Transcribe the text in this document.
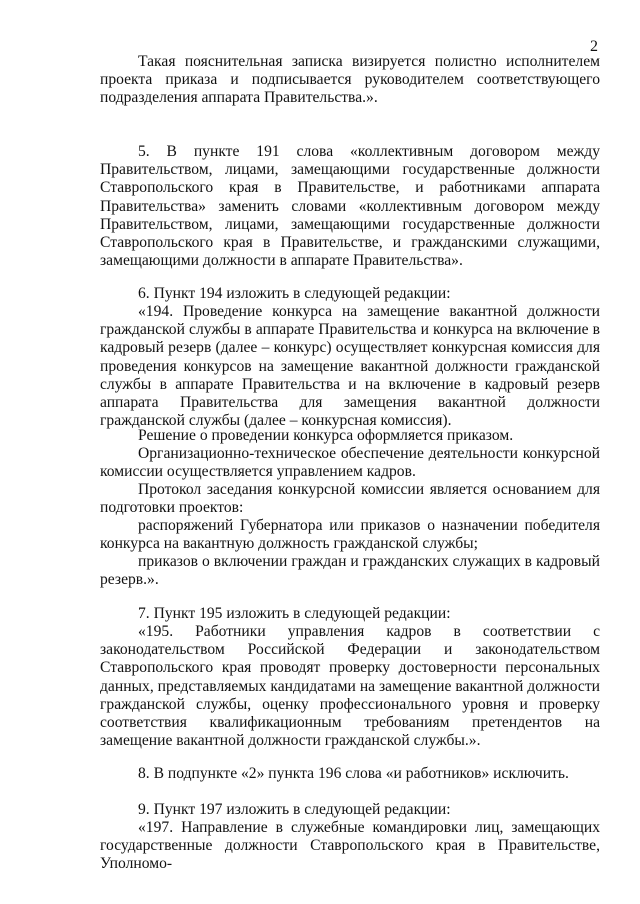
2

Такая пояснительная записка визируется полистно исполнителем проекта приказа и подписывается руководителем соответствующего подразделения аппарата Правительства.».

5. В пункте 191 слова «коллективным договором между Правительством, лицами, замещающими государственные должности Ставропольского края в Правительстве, и работниками аппарата Правительства» заменить словами «коллективным договором между Правительством, лицами, замещающими государственные должности Ставропольского края в Правительстве, и гражданскими служащими, замещающими должности в аппарате Правительства».

6. Пункт 194 изложить в следующей редакции:

«194. Проведение конкурса на замещение вакантной должности гражданской службы в аппарате Правительства и конкурса на включение в кадровый резерв (далее – конкурс) осуществляет конкурсная комиссия для проведения конкурсов на замещение вакантной должности гражданской службы в аппарате Правительства и на включение в кадровый резерв аппарата Правительства для замещения вакантной должности гражданской службы (далее – конкурсная комиссия).

Решение о проведении конкурса оформляется приказом.

Организационно-техническое обеспечение деятельности конкурсной комиссии осуществляется управлением кадров.

Протокол заседания конкурсной комиссии является основанием для подготовки проектов:

распоряжений Губернатора или приказов о назначении победителя конкурса на вакантную должность гражданской службы;

приказов о включении граждан и гражданских служащих в кадровый резерв.».

7. Пункт 195 изложить в следующей редакции:

«195. Работники управления кадров в соответствии с законодательством Российской Федерации и законодательством Ставропольского края проводят проверку достоверности персональных данных, представляемых кандидатами на замещение вакантной должности гражданской службы, оценку профессионального уровня и проверку соответствия квалификационным требованиям претендентов на замещение вакантной должности гражданской службы.».

8. В подпункте «2» пункта 196 слова «и работников» исключить.

9. Пункт 197 изложить в следующей редакции:

«197. Направление в служебные командировки лиц, замещающих государственные должности Ставропольского края в Правительстве, Уполномо-
